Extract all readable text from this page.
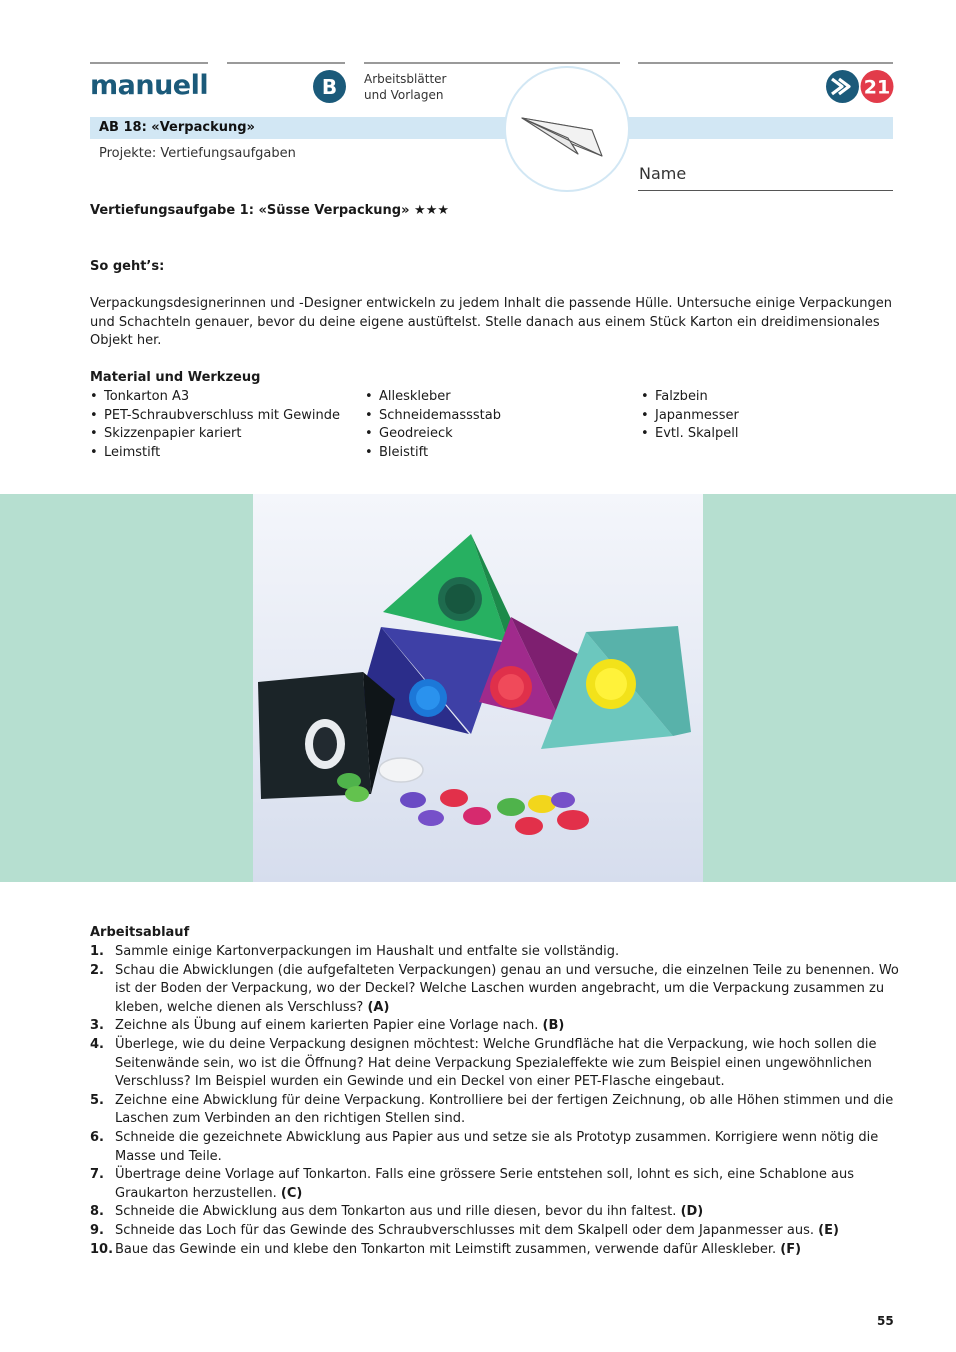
manuell	B	Arbeitsblätter
und Vorlagen
AB 18: «Verpackung»
Projekte: Vertiefungsaufgaben
21
Name
Vertiefungsaufgabe 1: «Süsse Verpackung» ★★★
So geht’s:
Verpackungsdesignerinnen und -Designer entwickeln zu jedem Inhalt die passende Hülle. Untersuche einige Verpackungen und Schachteln genauer, bevor du deine eigene austüftelst. Stelle danach aus einem Stück Karton ein dreidimensionales Objekt her.
Material und Werkzeug
• Tonkarton A3
• PET-Schraubverschluss mit Gewinde
• Skizzenpapier kariert
• Leimstift
• Alleskleber
• Schneidemassstab
• Geodreieck
• Bleistift
• Falzbein
• Japanmesser
• Evtl. Skalpell
Arbeitsablauf
1. Sammle einige Kartonverpackungen im Haushalt und entfalte sie vollständig.
2. Schau die Abwicklungen (die aufgefalteten Verpackungen) genau an und versuche, die einzelnen Teile zu benennen. Wo ist der Boden der Verpackung, wo der Deckel? Welche Laschen wurden angebracht, um die Verpackung zusammen zu kleben, welche dienen als Verschluss? (A)
3. Zeichne als Übung auf einem karierten Papier eine Vorlage nach. (B)
4. Überlege, wie du deine Verpackung designen möchtest: Welche Grundfläche hat die Verpackung, wie hoch sollen die Seitenwände sein, wo ist die Öffnung? Hat deine Verpackung Spezialeffekte wie zum Beispiel einen ungewöhnlichen Verschluss? Im Beispiel wurden ein Gewinde und ein Deckel von einer PET-Flasche eingebaut.
5. Zeichne eine Abwicklung für deine Verpackung. Kontrolliere bei der fertigen Zeichnung, ob alle Höhen stimmen und die Laschen zum Verbinden an den richtigen Stellen sind.
6. Schneide die gezeichnete Abwicklung aus Papier aus und setze sie als Prototyp zusammen. Korrigiere wenn nötig die Masse und Teile.
7. Übertrage deine Vorlage auf Tonkarton. Falls eine grössere Serie entstehen soll, lohnt es sich, eine Schablone aus Graukarton herzustellen. (C)
8. Schneide die Abwicklung aus dem Tonkarton aus und rille diesen, bevor du ihn faltest. (D)
9. Schneide das Loch für das Gewinde des Schraubverschlusses mit dem Skalpell oder dem Japanmesser aus. (E)
10. Baue das Gewinde ein und klebe den Tonkarton mit Leimstift zusammen, verwende dafür Alleskleber. (F)
55
